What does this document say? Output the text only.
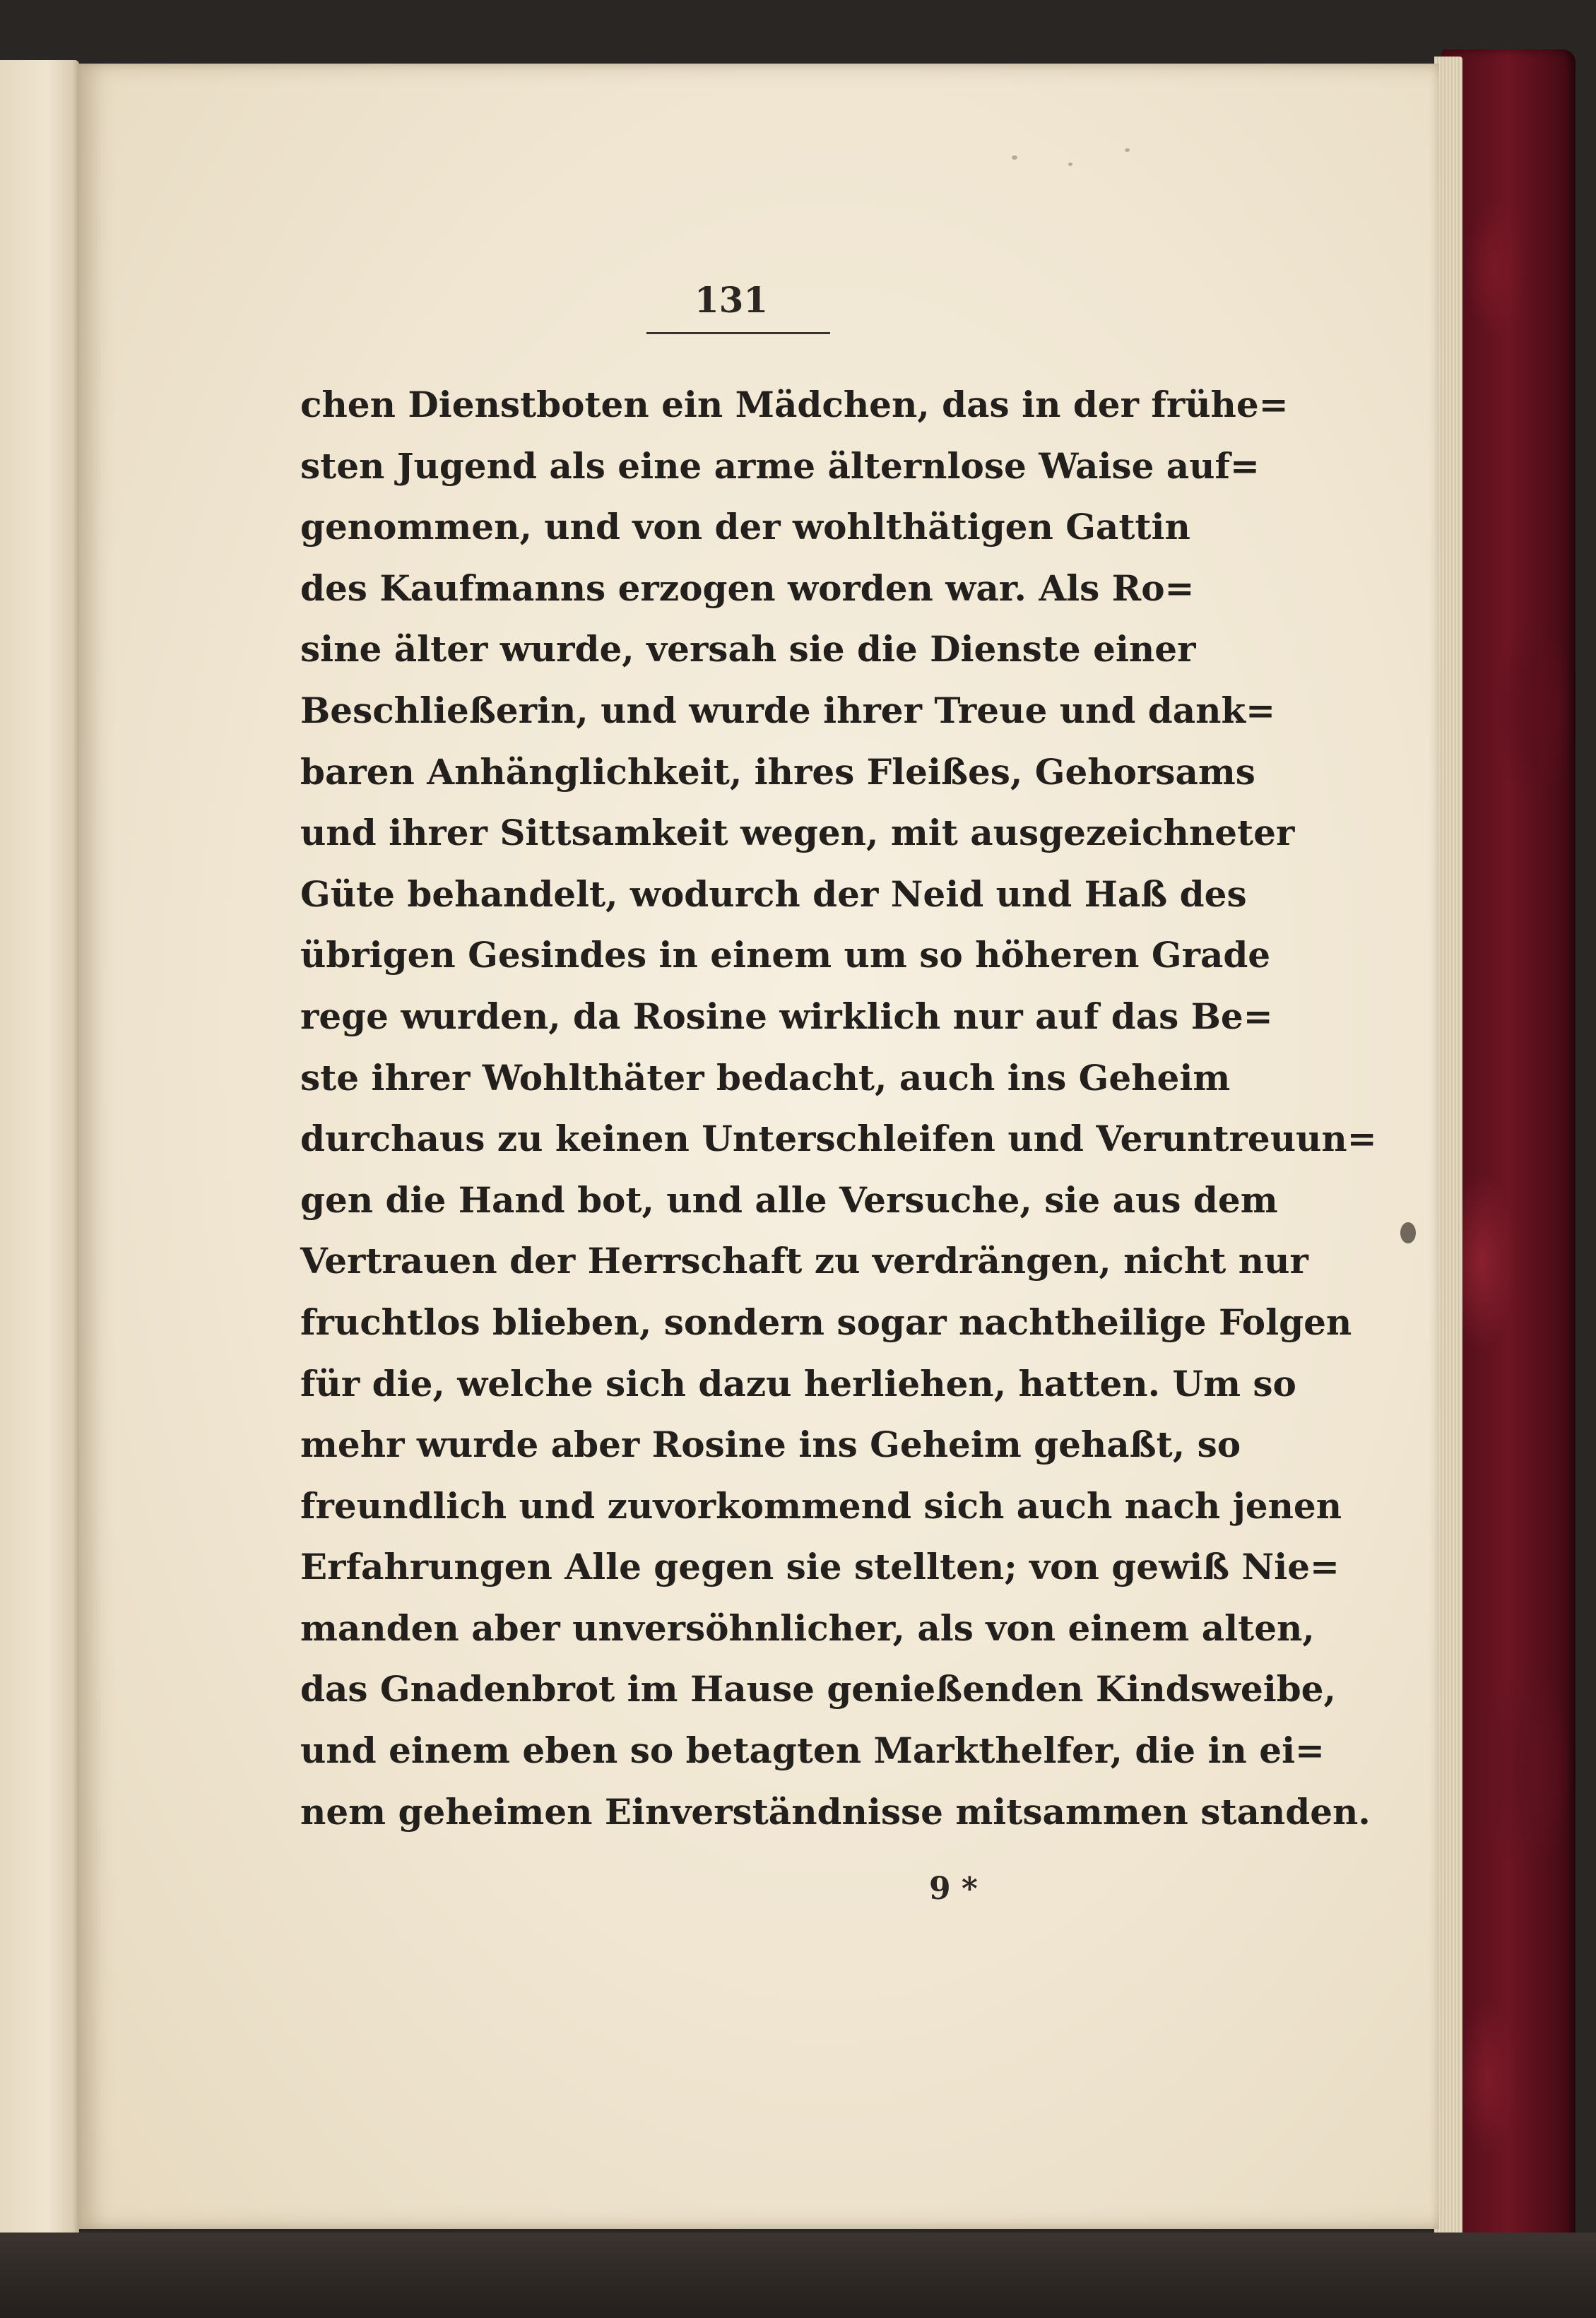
131
chen Dienstboten ein Mädchen, das in der frühe=
sten Jugend als eine arme älternlose Waise auf=
genommen, und von der wohlthätigen Gattin
des Kaufmanns erzogen worden war. Als Ro=
sine älter wurde, versah sie die Dienste einer
Beschließerin, und wurde ihrer Treue und dank=
baren Anhänglichkeit, ihres Fleißes, Gehorsams
und ihrer Sittsamkeit wegen, mit ausgezeichneter
Güte behandelt, wodurch der Neid und Haß des
übrigen Gesindes in einem um so höheren Grade
rege wurden, da Rosine wirklich nur auf das Be=
ste ihrer Wohlthäter bedacht, auch ins Geheim
durchaus zu keinen Unterschleifen und Veruntreuun=
gen die Hand bot, und alle Versuche, sie aus dem
Vertrauen der Herrschaft zu verdrängen, nicht nur
fruchtlos blieben, sondern sogar nachtheilige Folgen
für die, welche sich dazu herliehen, hatten. Um so
mehr wurde aber Rosine ins Geheim gehaßt, so
freundlich und zuvorkommend sich auch nach jenen
Erfahrungen Alle gegen sie stellten; von gewiß Nie=
manden aber unversöhnlicher, als von einem alten,
das Gnadenbrot im Hause genießenden Kindsweibe,
und einem eben so betagten Markthelfer, die in ei=
nem geheimen Einverständnisse mitsammen standen.
9 *
